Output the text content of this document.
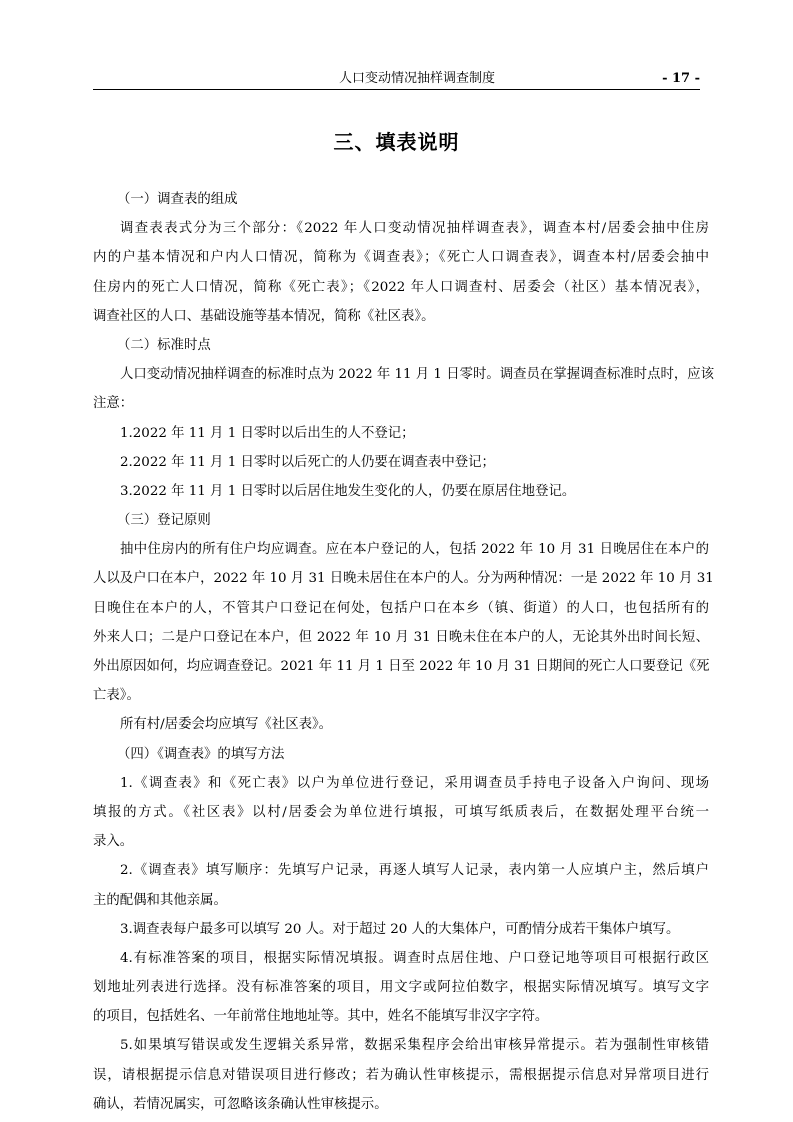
人口变动情况抽样调查制度	- 17 -
三、填表说明
（一）调查表的组成
调查表表式分为三个部分：《2022 年人口变动情况抽样调查表》，调查本村/居委会抽中住房
内的户基本情况和户内人口情况，简称为《调查表》；《死亡人口调查表》，调查本村/居委会抽中
住房内的死亡人口情况，简称《死亡表》；《2022 年人口调查村、居委会（社区）基本情况表》，
调查社区的人口、基础设施等基本情况，简称《社区表》。
（二）标准时点
人口变动情况抽样调查的标准时点为 2022 年 11 月 1 日零时。调查员在掌握调查标准时点时，应该
注意：
1.2022 年 11 月 1 日零时以后出生的人不登记；
2.2022 年 11 月 1 日零时以后死亡的人仍要在调查表中登记；
3.2022 年 11 月 1 日零时以后居住地发生变化的人，仍要在原居住地登记。
（三）登记原则
抽中住房内的所有住户均应调查。应在本户登记的人，包括 2022 年 10 月 31 日晚居住在本户的
人以及户口在本户，2022 年 10 月 31 日晚未居住在本户的人。分为两种情况：一是 2022 年 10 月 31
日晚住在本户的人，不管其户口登记在何处，包括户口在本乡（镇、街道）的人口，也包括所有的
外来人口；二是户口登记在本户，但 2022 年 10 月 31 日晚未住在本户的人，无论其外出时间长短、
外出原因如何，均应调查登记。2021 年 11 月 1 日至 2022 年 10 月 31 日期间的死亡人口要登记《死
亡表》。
所有村/居委会均应填写《社区表》。
（四）《调查表》的填写方法
1.《调查表》和《死亡表》以户为单位进行登记，采用调查员手持电子设备入户询问、现场
填报的方式。《社区表》以村/居委会为单位进行填报，可填写纸质表后，在数据处理平台统一
录入。
2.《调查表》填写顺序：先填写户记录，再逐人填写人记录，表内第一人应填户主，然后填户
主的配偶和其他亲属。
3.调查表每户最多可以填写 20 人。对于超过 20 人的大集体户，可酌情分成若干集体户填写。
4.有标准答案的项目，根据实际情况填报。调查时点居住地、户口登记地等项目可根据行政区
划地址列表进行选择。没有标准答案的项目，用文字或阿拉伯数字，根据实际情况填写。填写文字
的项目，包括姓名、一年前常住地地址等。其中，姓名不能填写非汉字字符。
5.如果填写错误或发生逻辑关系异常，数据采集程序会给出审核异常提示。若为强制性审核错
误，请根据提示信息对错误项目进行修改；若为确认性审核提示，需根据提示信息对异常项目进行
确认，若情况属实，可忽略该条确认性审核提示。
